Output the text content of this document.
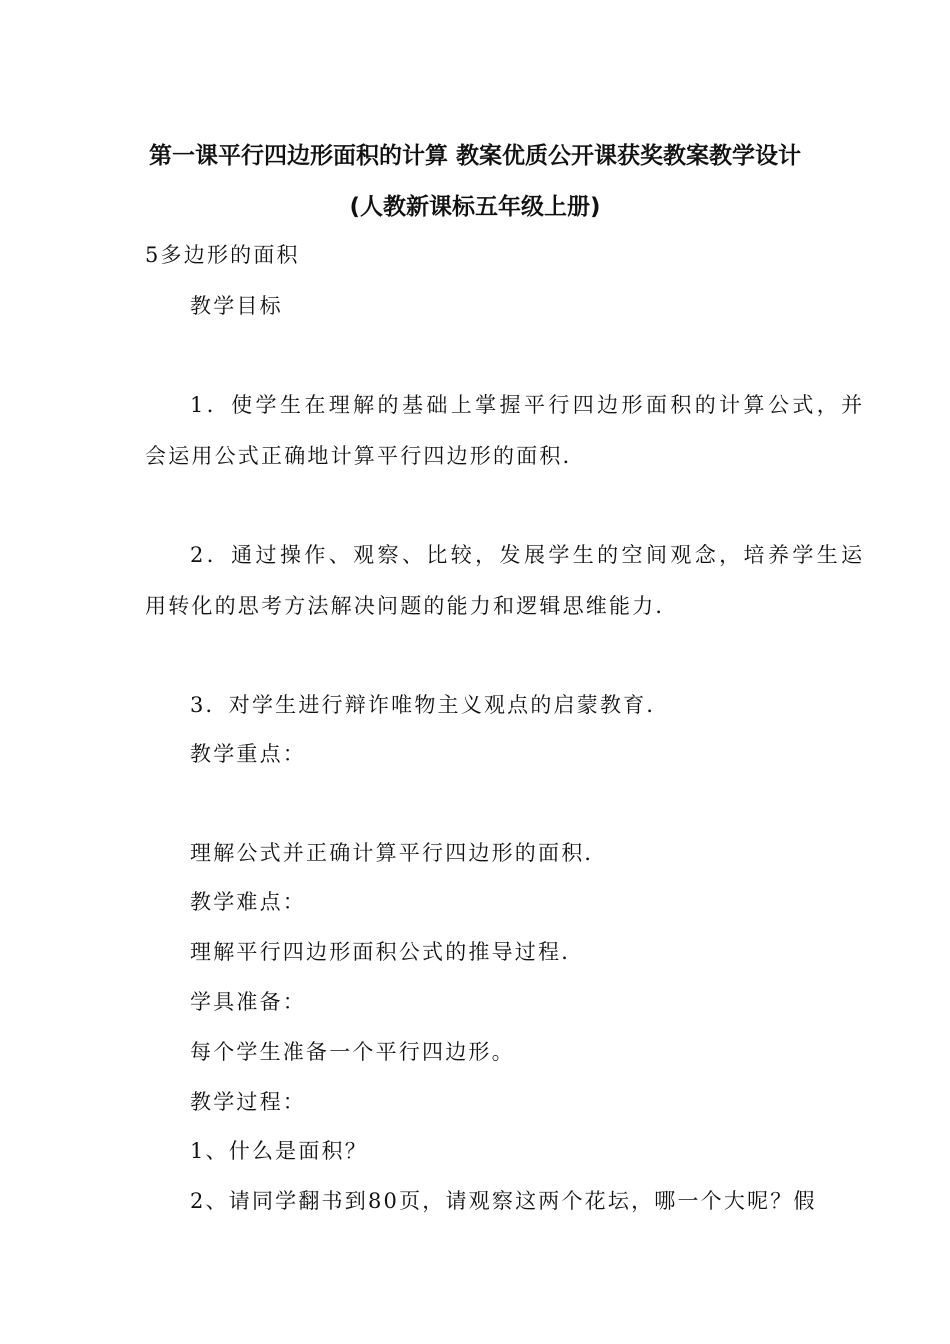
第一课平行四边形面积的计算 教案优质公开课获奖教案教学设计
(人教新课标五年级上册)
5多边形的面积
教学目标
1．使学生在理解的基础上掌握平行四边形面积的计算公式，并
会运用公式正确地计算平行四边形的面积．
2．通过操作、观察、比较，发展学生的空间观念，培养学生运
用转化的思考方法解决问题的能力和逻辑思维能力．
3．对学生进行辩诈唯物主义观点的启蒙教育．
教学重点：
理解公式并正确计算平行四边形的面积．
教学难点：
理解平行四边形面积公式的推导过程．
学具准备：
每个学生准备一个平行四边形。
教学过程：
1、什么是面积？
2、请同学翻书到80页，请观察这两个花坛，哪一个大呢？假
